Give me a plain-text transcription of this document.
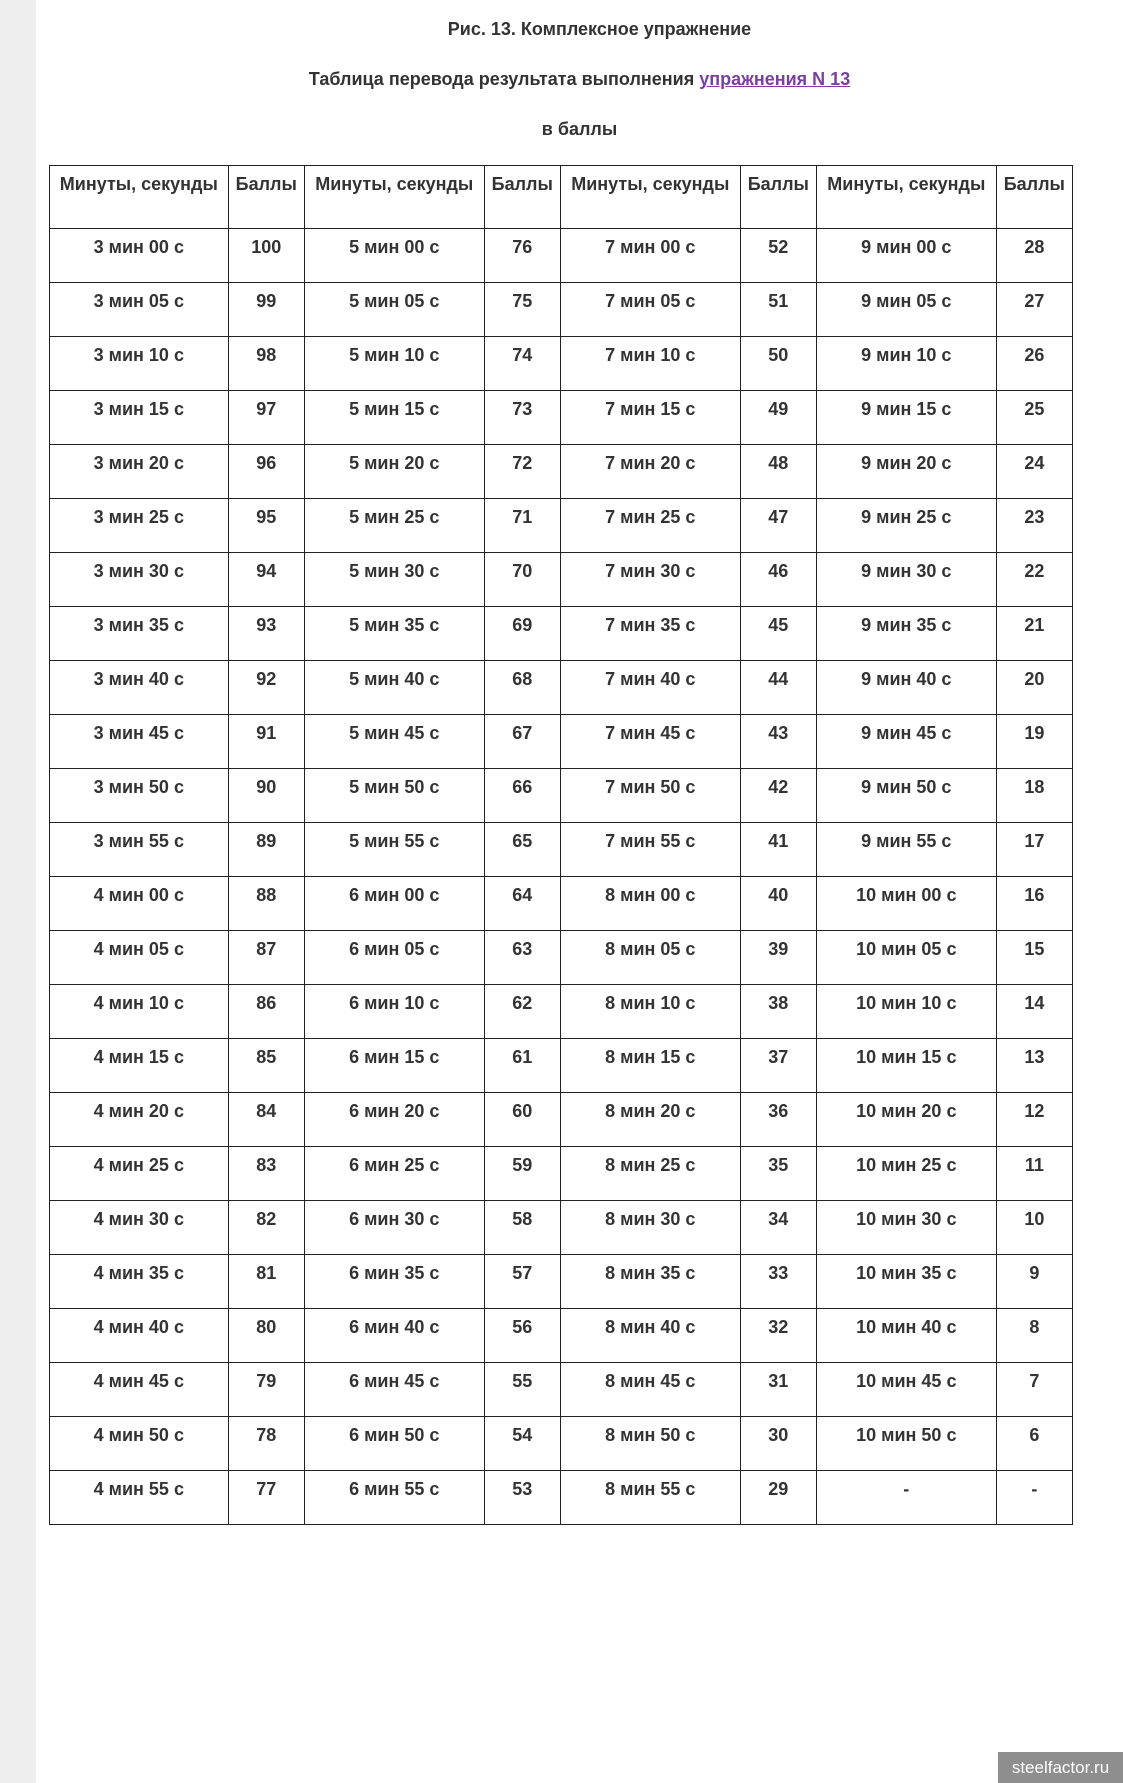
Рис. 13. Комплексное упражнение
Таблица перевода результата выполнения упражнения N 13
в баллы
Минуты, секунды	Баллы	Минуты, секунды	Баллы	Минуты, секунды	Баллы	Минуты, секунды	Баллы
3 мин 00 с	100	5 мин 00 с	76	7 мин 00 с	52	9 мин 00 с	28
3 мин 05 с	99	5 мин 05 с	75	7 мин 05 с	51	9 мин 05 с	27
3 мин 10 с	98	5 мин 10 с	74	7 мин 10 с	50	9 мин 10 с	26
3 мин 15 с	97	5 мин 15 с	73	7 мин 15 с	49	9 мин 15 с	25
3 мин 20 с	96	5 мин 20 с	72	7 мин 20 с	48	9 мин 20 с	24
3 мин 25 с	95	5 мин 25 с	71	7 мин 25 с	47	9 мин 25 с	23
3 мин 30 с	94	5 мин 30 с	70	7 мин 30 с	46	9 мин 30 с	22
3 мин 35 с	93	5 мин 35 с	69	7 мин 35 с	45	9 мин 35 с	21
3 мин 40 с	92	5 мин 40 с	68	7 мин 40 с	44	9 мин 40 с	20
3 мин 45 с	91	5 мин 45 с	67	7 мин 45 с	43	9 мин 45 с	19
3 мин 50 с	90	5 мин 50 с	66	7 мин 50 с	42	9 мин 50 с	18
3 мин 55 с	89	5 мин 55 с	65	7 мин 55 с	41	9 мин 55 с	17
4 мин 00 с	88	6 мин 00 с	64	8 мин 00 с	40	10 мин 00 с	16
4 мин 05 с	87	6 мин 05 с	63	8 мин 05 с	39	10 мин 05 с	15
4 мин 10 с	86	6 мин 10 с	62	8 мин 10 с	38	10 мин 10 с	14
4 мин 15 с	85	6 мин 15 с	61	8 мин 15 с	37	10 мин 15 с	13
4 мин 20 с	84	6 мин 20 с	60	8 мин 20 с	36	10 мин 20 с	12
4 мин 25 с	83	6 мин 25 с	59	8 мин 25 с	35	10 мин 25 с	11
4 мин 30 с	82	6 мин 30 с	58	8 мин 30 с	34	10 мин 30 с	10
4 мин 35 с	81	6 мин 35 с	57	8 мин 35 с	33	10 мин 35 с	9
4 мин 40 с	80	6 мин 40 с	56	8 мин 40 с	32	10 мин 40 с	8
4 мин 45 с	79	6 мин 45 с	55	8 мин 45 с	31	10 мин 45 с	7
4 мин 50 с	78	6 мин 50 с	54	8 мин 50 с	30	10 мин 50 с	6
4 мин 55 с	77	6 мин 55 с	53	8 мин 55 с	29	-	-
steelfactor.ru
